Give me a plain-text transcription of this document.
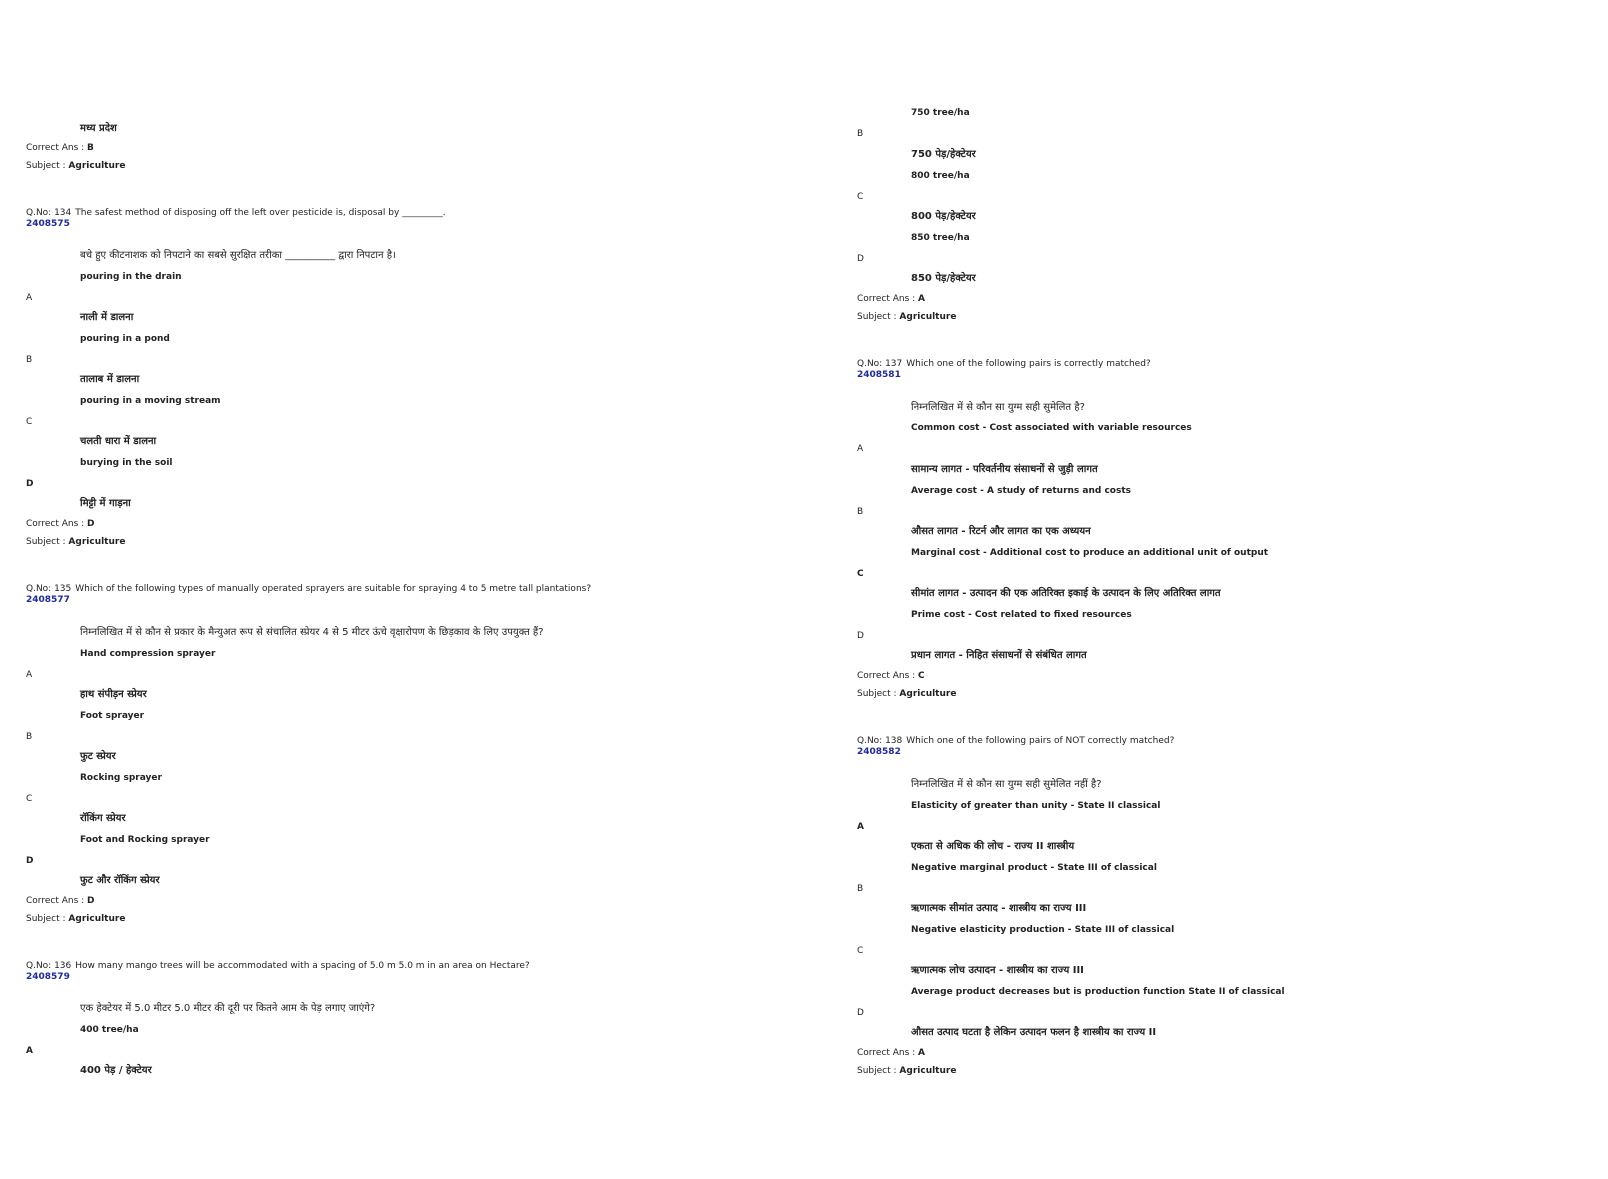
मध्य प्रदेश
Correct Ans : B
Subject : Agriculture
Q.No: 134 The safest method of disposing off the left over pesticide is, disposal by _________.
2408575
बचे हुए कीटनाशक को निपटाने का सबसे सुरक्षित तरीका __________ द्वारा निपटान है।
pouring in the drain
A
नाली में डालना
pouring in a pond
B
तालाब में डालना
pouring in a moving stream
C
चलती धारा में डालना
burying in the soil
D
मिट्टी में गाड़ना
Correct Ans : D
Subject : Agriculture
Q.No: 135 Which of the following types of manually operated sprayers are suitable for spraying 4 to 5 metre tall plantations?
2408577
निम्नलिखित में से कौन से प्रकार के मैन्युअत रूप से संचालित स्प्रेयर 4 से 5 मीटर ऊंचे वृक्षारोपण के छिड़काव के लिए उपयुक्त हैं?
Hand compression sprayer
A
हाथ संपीड़न स्प्रेयर
Foot sprayer
B
फुट स्प्रेयर
Rocking sprayer
C
रॉकिंग स्प्रेयर
Foot and Rocking sprayer
D
फुट और रॉकिंग स्प्रेयर
Correct Ans : D
Subject : Agriculture
Q.No: 136 How many mango trees will be accommodated with a spacing of 5.0 m 5.0 m in an area on Hectare?
2408579
एक हेक्टेयर में 5.0 मीटर 5.0 मीटर की दूरी पर कितने आम के पेड़ लगाए जाएंगे?
400 tree/ha
A
400 पेड़ / हेक्टेयर
750 tree/ha
B
750 पेड़/हेक्टेयर
800 tree/ha
C
800 पेड़/हेक्टेयर
850 tree/ha
D
850 पेड़/हेक्टेयर
Correct Ans : A
Subject : Agriculture
Q.No: 137 Which one of the following pairs is correctly matched?
2408581
निम्नलिखित में से कौन सा युग्म सही सुमेलित है?
Common cost - Cost associated with variable resources
A
सामान्य लागत - परिवर्तनीय संसाधनों से जुड़ी लागत
Average cost - A study of returns and costs
B
औसत लागत - रिटर्न और लागत का एक अध्ययन
Marginal cost - Additional cost to produce an additional unit of output
C
सीमांत लागत - उत्पादन की एक अतिरिक्त इकाई के उत्पादन के लिए अतिरिक्त लागत
Prime cost - Cost related to fixed resources
D
प्रधान लागत - निहित संसाधनों से संबंधित लागत
Correct Ans : C
Subject : Agriculture
Q.No: 138 Which one of the following pairs of NOT correctly matched?
2408582
निम्नलिखित में से कौन सा युग्म सही सुमेलित नहीं है?
Elasticity of greater than unity - State II classical
A
एकता से अधिक की लोच - राज्य II शास्त्रीय
Negative marginal product - State III of classical
B
ऋणात्मक सीमांत उत्पाद - शास्त्रीय का राज्य III
Negative elasticity production - State III of classical
C
ऋणात्मक लोच उत्पादन - शास्त्रीय का राज्य III
Average product decreases but is production function State II of classical
D
औसत उत्पाद घटता है लेकिन उत्पादन फलन है शास्त्रीय का राज्य II
Correct Ans : A
Subject : Agriculture
